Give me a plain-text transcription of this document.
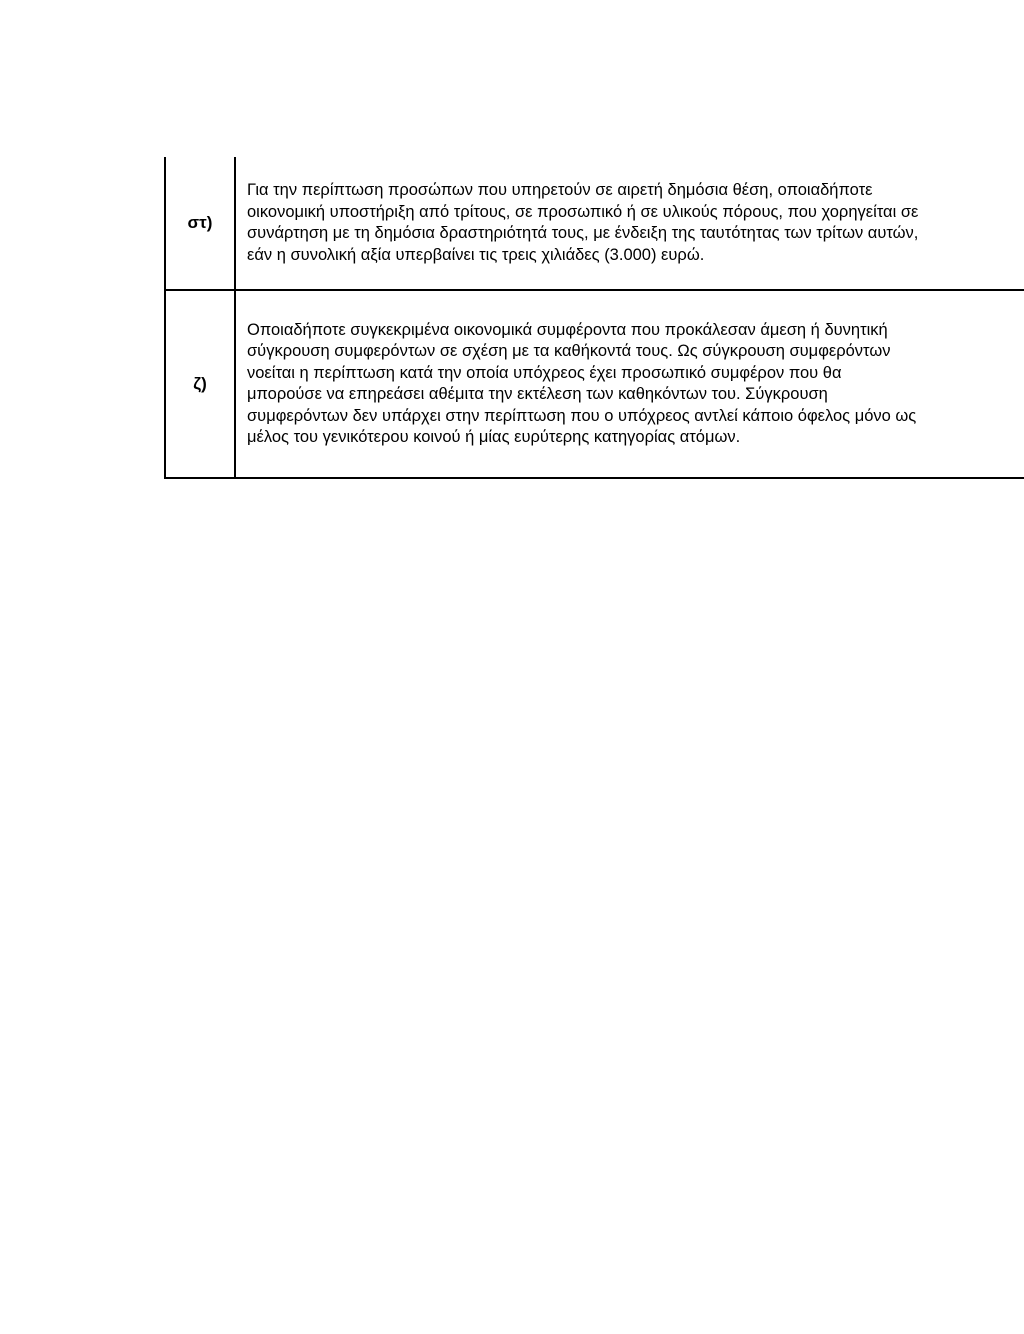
στ)

Για την περίπτωση προσώπων που υπηρετούν σε αιρετή δημόσια θέση, οποιαδήποτε
οικονομική υποστήριξη από τρίτους, σε προσωπικό ή σε υλικούς πόρους, που χορηγείται σε
συνάρτηση με τη δημόσια δραστηριότητά τους, με ένδειξη της ταυτότητας των τρίτων αυτών,
εάν η συνολική αξία υπερβαίνει τις τρεις χιλιάδες (3.000) ευρώ.

ζ)

Οποιαδήποτε συγκεκριμένα οικονομικά συμφέροντα που προκάλεσαν άμεση ή δυνητική
σύγκρουση συμφερόντων σε σχέση με τα καθήκοντά τους. Ως σύγκρουση συμφερόντων
νοείται η περίπτωση κατά την οποία υπόχρεος έχει προσωπικό συμφέρον που θα
μπορούσε να επηρεάσει αθέμιτα την εκτέλεση των καθηκόντων του. Σύγκρουση
συμφερόντων δεν υπάρχει στην περίπτωση που ο υπόχρεος αντλεί κάποιο όφελος μόνο ως
μέλος του γενικότερου κοινού ή μίας ευρύτερης κατηγορίας ατόμων.
